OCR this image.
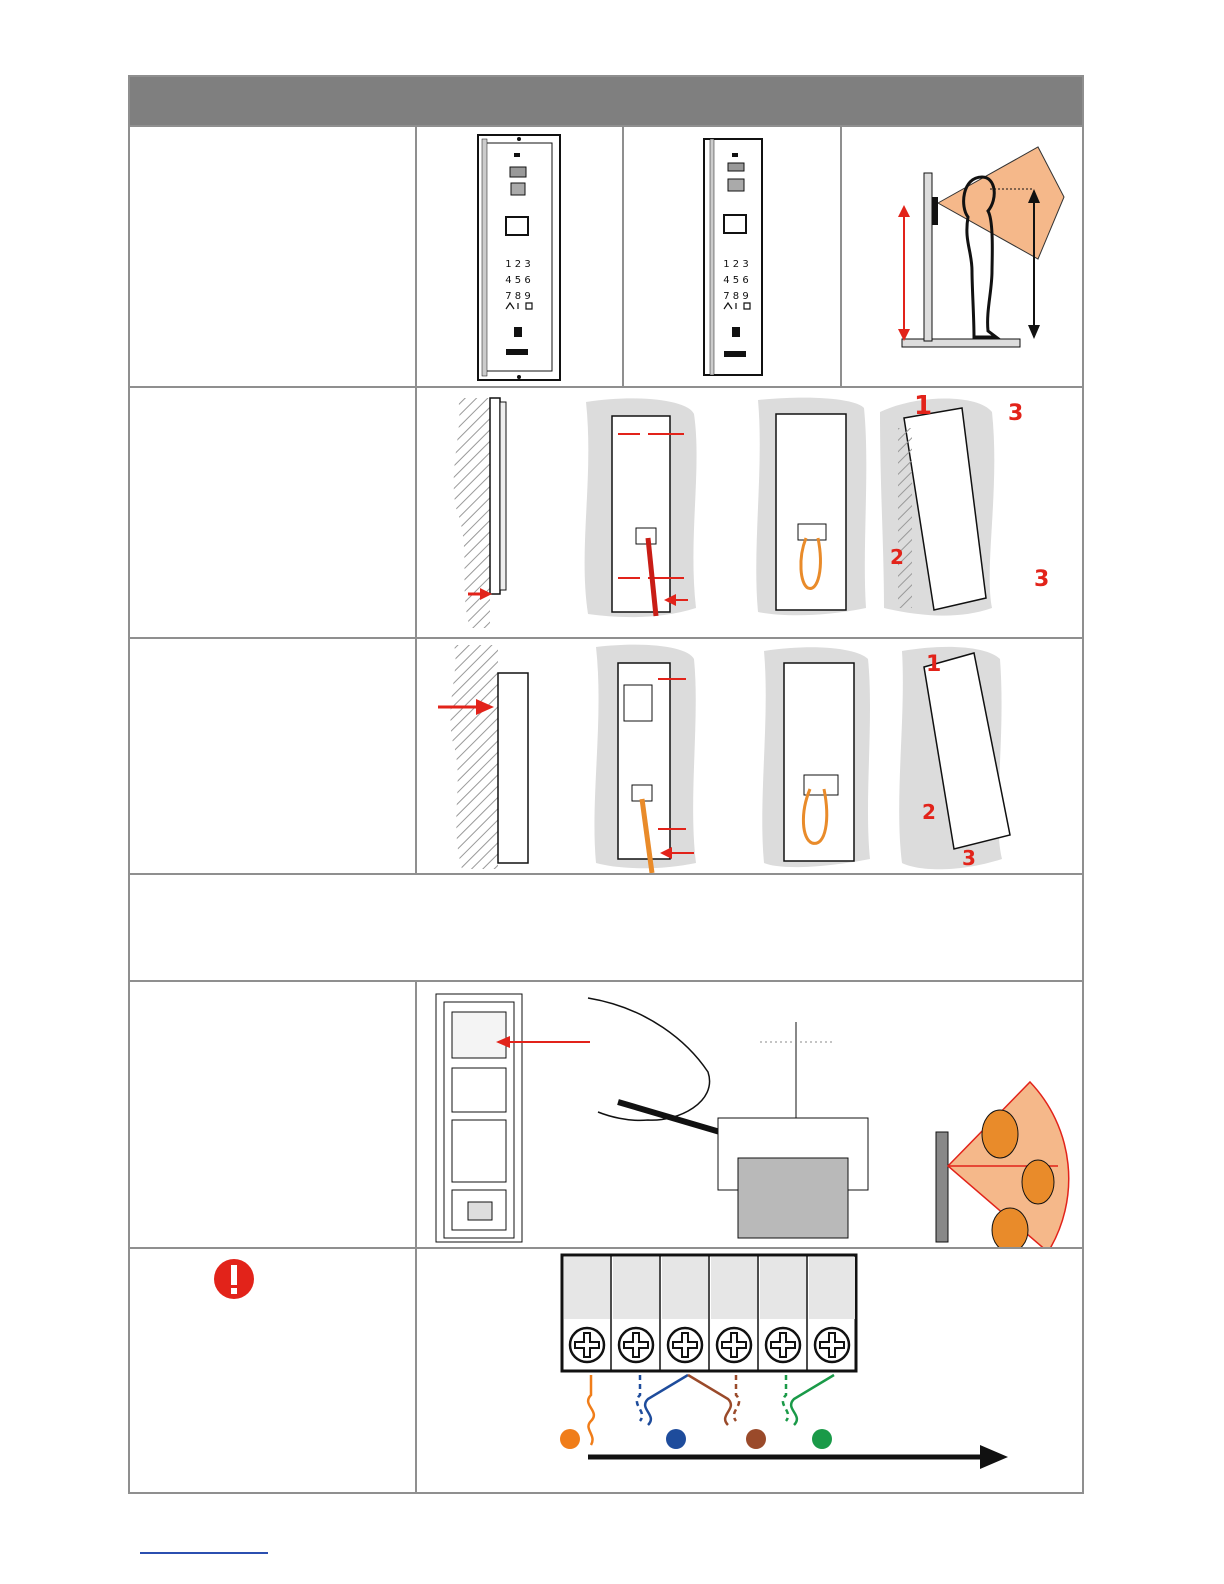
1 2 3
4 5 6
7 8 9
1 2 3
4 5 6
7 8 9
1
2
3
3
1
2
3
